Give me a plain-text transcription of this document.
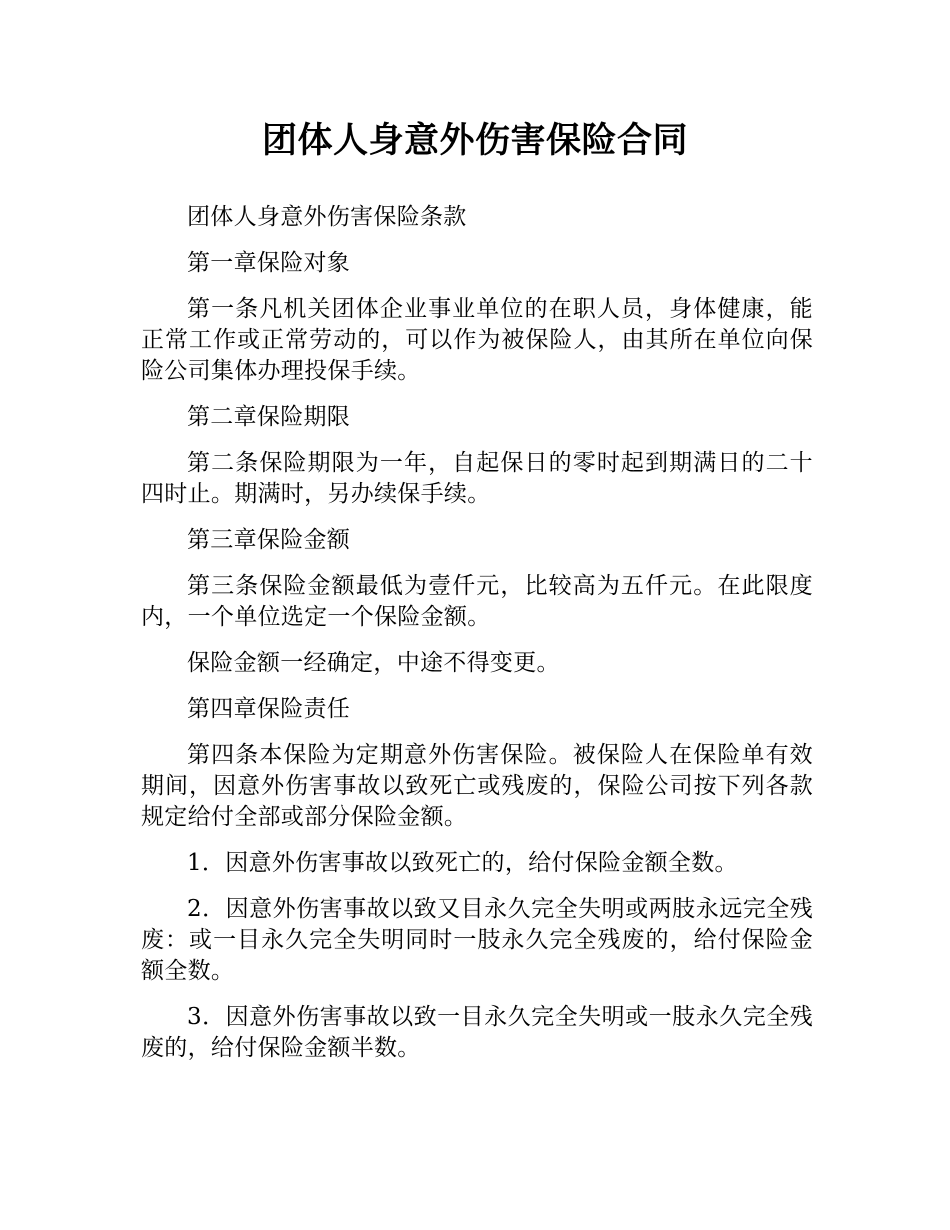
团体人身意外伤害保险合同

团体人身意外伤害保险条款

第一章保险对象

第一条凡机关团体企业事业单位的在职人员，身体健康，能正常工作或正常劳动的，可以作为被保险人，由其所在单位向保险公司集体办理投保手续。

第二章保险期限

第二条保险期限为一年，自起保日的零时起到期满日的二十四时止。期满时，另办续保手续。

第三章保险金额

第三条保险金额最低为壹仟元，比较高为五仟元。在此限度内，一个单位选定一个保险金额。

保险金额一经确定，中途不得变更。

第四章保险责任

第四条本保险为定期意外伤害保险。被保险人在保险单有效期间，因意外伤害事故以致死亡或残废的，保险公司按下列各款规定给付全部或部分保险金额。

1．因意外伤害事故以致死亡的，给付保险金额全数。

2．因意外伤害事故以致又目永久完全失明或两肢永远完全残废：或一目永久完全失明同时一肢永久完全残废的，给付保险金额全数。

3．因意外伤害事故以致一目永久完全失明或一肢永久完全残废的，给付保险金额半数。
